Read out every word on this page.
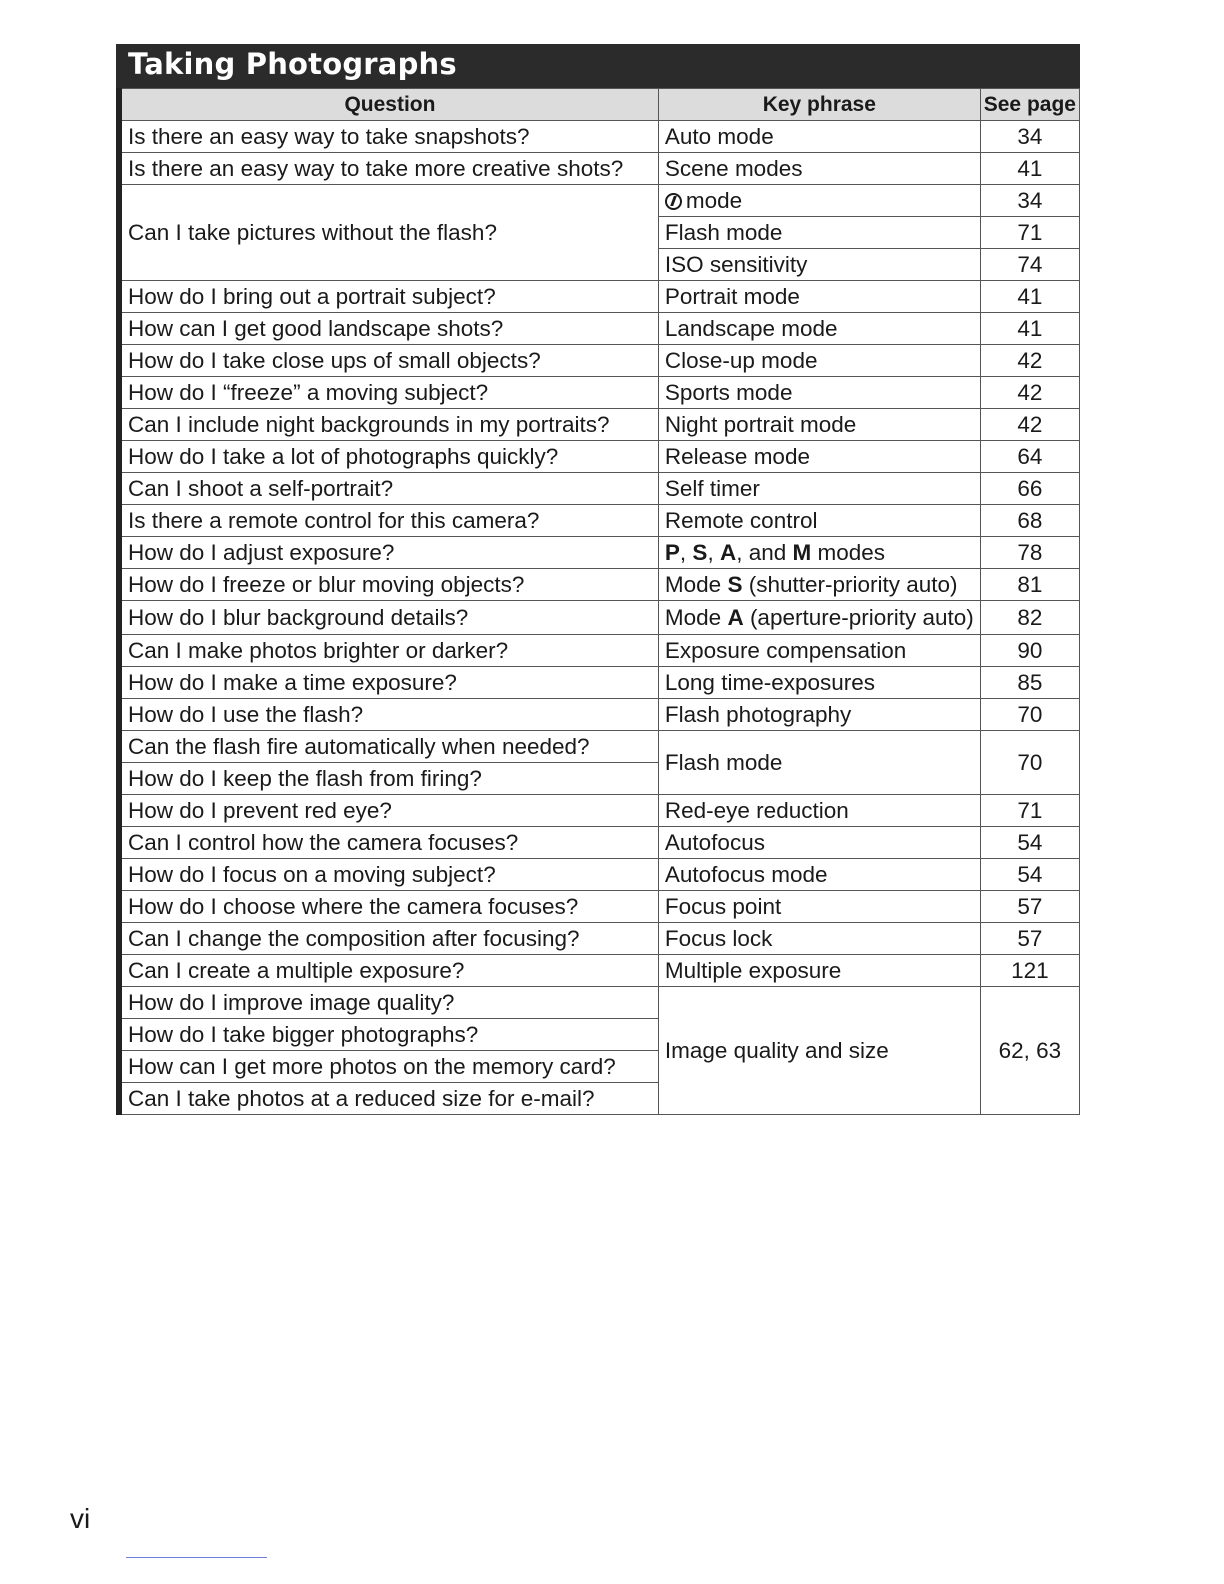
Taking Photographs
Question	Key phrase	See page
Is there an easy way to take snapshots?	Auto mode	34
Is there an easy way to take more creative shots?	Scene modes	41
Can I take pictures without the flash?	mode	34
	Flash mode	71
	ISO sensitivity	74
How do I bring out a portrait subject?	Portrait mode	41
How can I get good landscape shots?	Landscape mode	41
How do I take close ups of small objects?	Close-up mode	42
How do I “freeze” a moving subject?	Sports mode	42
Can I include night backgrounds in my portraits?	Night portrait mode	42
How do I take a lot of photographs quickly?	Release mode	64
Can I shoot a self-portrait?	Self timer	66
Is there a remote control for this camera?	Remote control	68
How do I adjust exposure?	P, S, A, and M modes	78
How do I freeze or blur moving objects?	Mode S (shutter-priority auto)	81
How do I blur background details?	Mode A (aperture-priority auto)	82
Can I make photos brighter or darker?	Exposure compensation	90
How do I make a time exposure?	Long time-exposures	85
How do I use the flash?	Flash photography	70
Can the flash fire automatically when needed?	Flash mode	70
How do I keep the flash from firing?		
How do I prevent red eye?	Red-eye reduction	71
Can I control how the camera focuses?	Autofocus	54
How do I focus on a moving subject?	Autofocus mode	54
How do I choose where the camera focuses?	Focus point	57
Can I change the composition after focusing?	Focus lock	57
Can I create a multiple exposure?	Multiple exposure	121
How do I improve image quality?	Image quality and size	62, 63
How do I take bigger photographs?		
How can I get more photos on the memory card?		
Can I take photos at a reduced size for e-mail?		
vi
